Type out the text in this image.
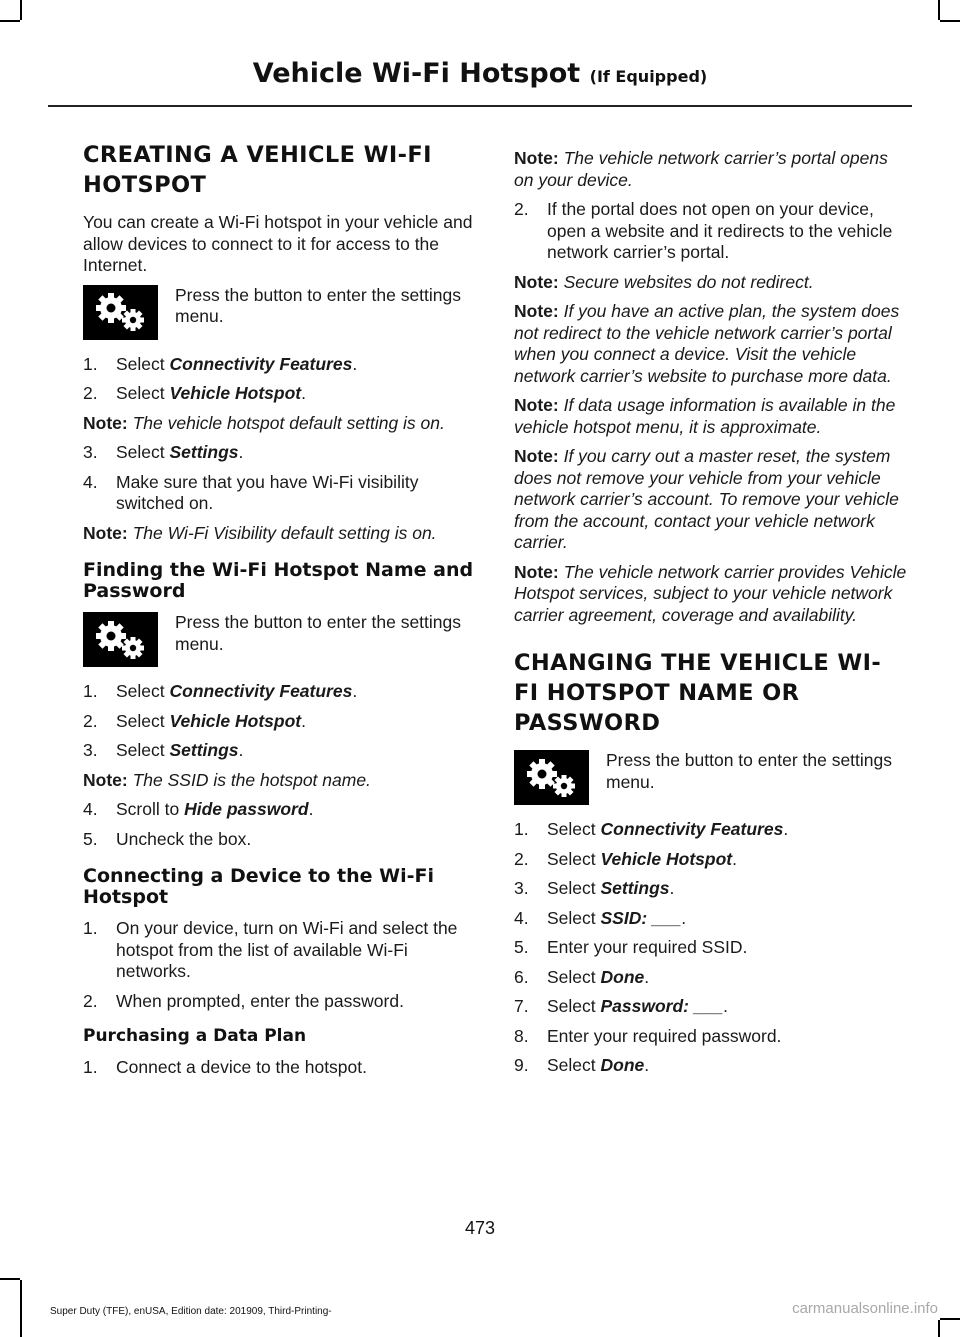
Vehicle Wi-Fi Hotspot (If Equipped)
CREATING A VEHICLE WI-FI
HOTSPOT

You can create a Wi-Fi hotspot in your vehicle and allow devices to connect to it for access to the Internet.

Press the button to enter the settings menu.

1. Select Connectivity Features.
2. Select Vehicle Hotspot.

Note: The vehicle hotspot default setting is on.

3. Select Settings.
4. Make sure that you have Wi-Fi visibility switched on.

Note: The Wi-Fi Visibility default setting is on.

Finding the Wi-Fi Hotspot Name and Password

Press the button to enter the settings menu.

1. Select Connectivity Features.
2. Select Vehicle Hotspot.
3. Select Settings.

Note: The SSID is the hotspot name.

4. Scroll to Hide password.
5. Uncheck the box.
Connecting a Device to the Wi-Fi Hotspot
1. On your device, turn on Wi-Fi and select the hotspot from the list of available Wi-Fi networks.
2. When prompted, enter the password.
Purchasing a Data Plan
1. Connect a device to the hotspot.

Note: The vehicle network carrier’s portal opens on your device.

2. If the portal does not open on your device, open a website and it redirects to the vehicle network carrier’s portal.

Note: Secure websites do not redirect.

Note: If you have an active plan, the system does not redirect to the vehicle network carrier’s portal when you connect a device. Visit the vehicle network carrier’s website to purchase more data.

Note: If data usage information is available in the vehicle hotspot menu, it is approximate.

Note: If you carry out a master reset, the system does not remove your vehicle from your vehicle network carrier’s account. To remove your vehicle from the account, contact your vehicle network carrier.

Note: The vehicle network carrier provides Vehicle Hotspot services, subject to your vehicle network carrier agreement, coverage and availability.

CHANGING THE VEHICLE WI-
FI HOTSPOT NAME OR
PASSWORD

Press the button to enter the settings menu.

1. Select Connectivity Features.
2. Select Vehicle Hotspot.
3. Select Settings.
4. Select SSID: ___.
5. Enter your required SSID.
6. Select Done.
7. Select Password: ___.
8. Enter your required password.
9. Select Done.
473
Super Duty (TFE), enUSA, Edition date: 201909, Third-Printing-	carmanualsonline.info
